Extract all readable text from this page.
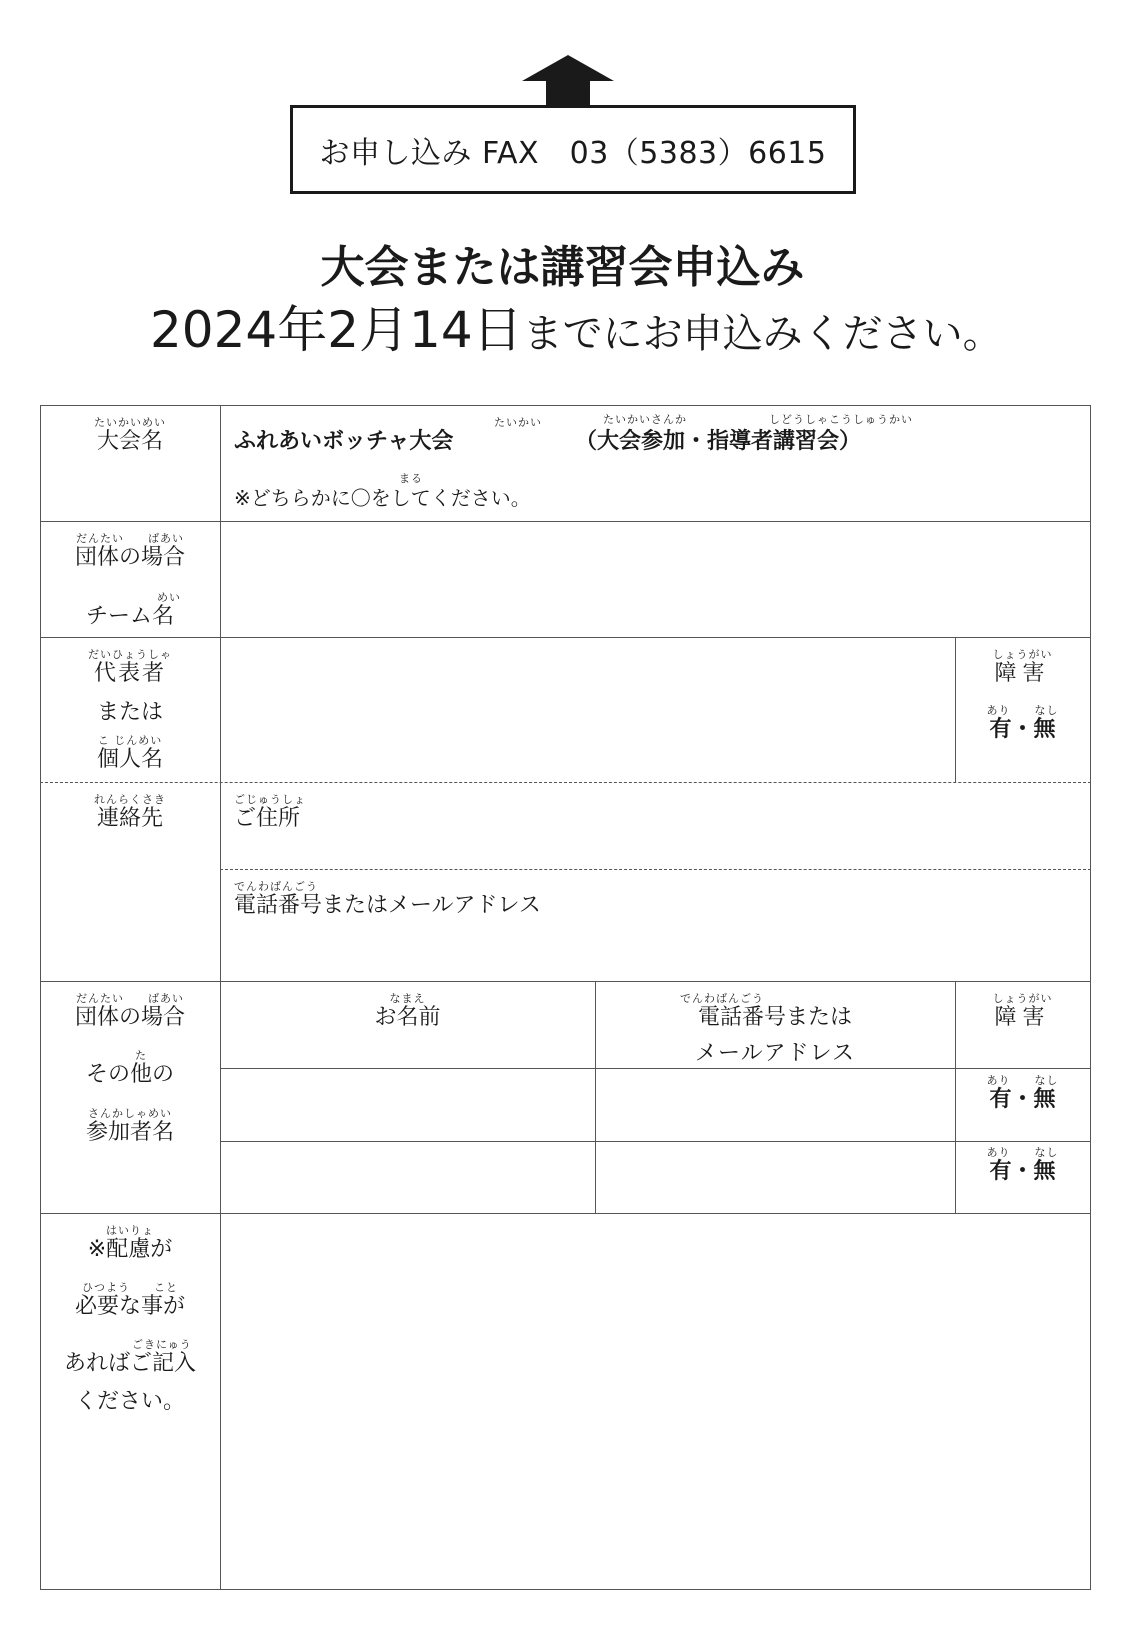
お申し込み FAX　03（5383）6615
大会または講習会申込み
2024年2月14日までにお申込みください。
たいかいめい
大会名
たいかい
ふれあいボッチャ大会
たいかいさんか	しどうしゃこうしゅうかい
（大会参加・指導者講習会）
まる
※どちらかに〇をしてください。
だんたい　　ばあい
団体の場合
めい
チーム名
だいひょうしゃ
代表者
または
こ じんめい
個人名
しょうがい
障害
あり　　なし
有・無
れんらくさき
連絡先
ごじゅうしょ
ご住所
でんわばんごう
電話番号またはメールアドレス
だんたい　　ばあい
団体の場合
た
その他の
さんかしゃめい
参加者名
なまえ
お名前
でんわばんごう
電話番号または
メールアドレス
しょうがい
障害
あり　　なし
有・無
あり　　なし
有・無
はいりょ
※配慮が
ひつよう　　こと
必要な事が
ごきにゅう
あればご記入
ください。
